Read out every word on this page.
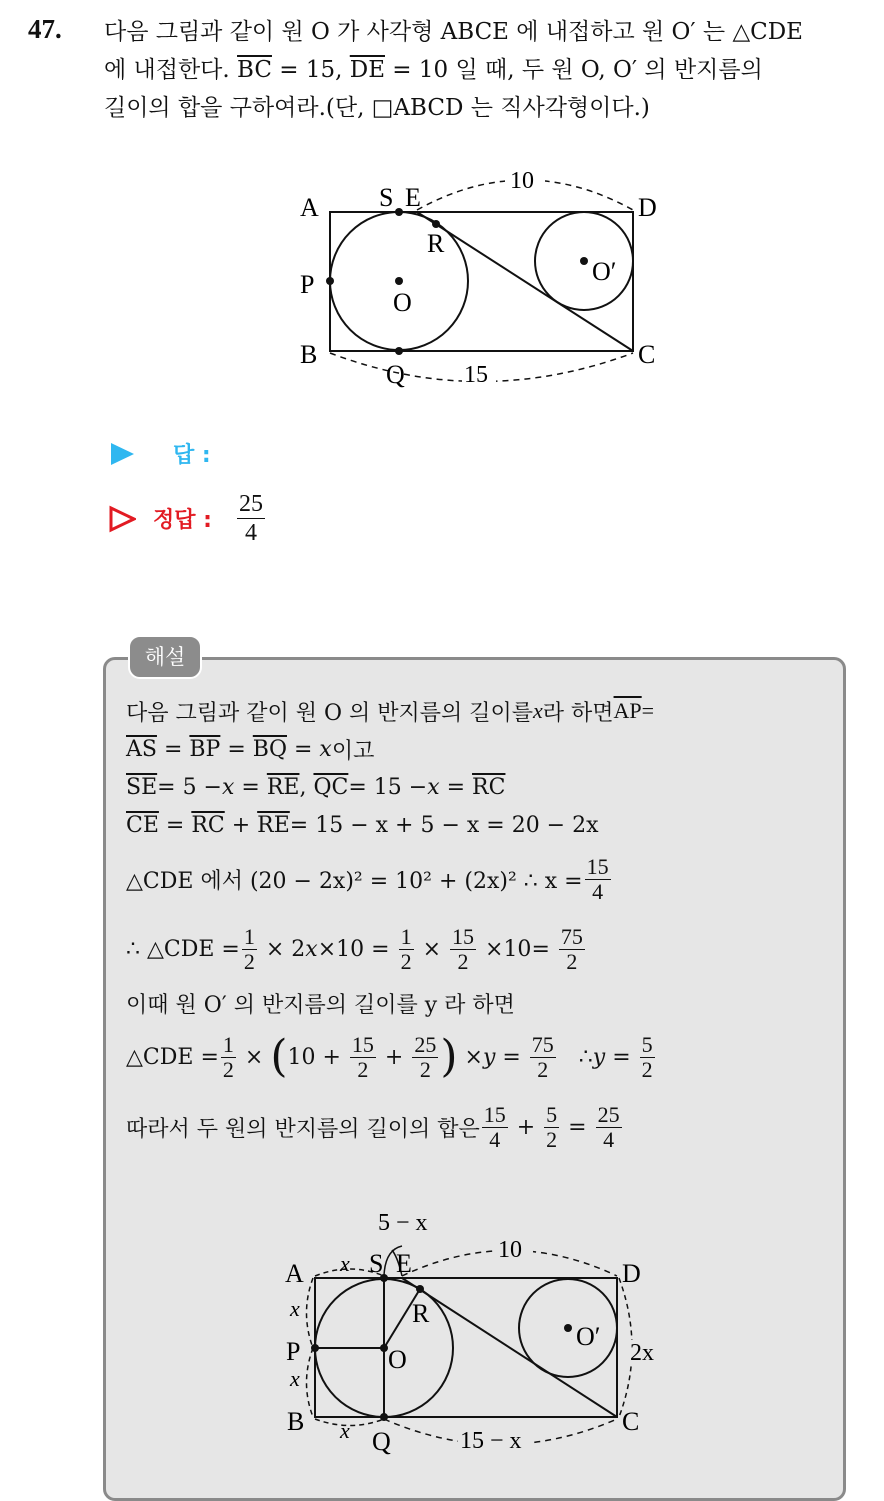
47. 다음 그림과 같이 원 O 가 사각형 ABCE 에 내접하고 원 O′ 는 △CDE
에 내접한다. $\overline{BC} = 15$, $\overline{DE} = 10$ 일 때, 두 원 O, O′ 의 반지름의
길이의 합을 구하여라.(단, □ABCD 는 직사각형이다.)
A
B	C
D
S E
R
P
Q
O
O′
10
15
답 :
정답 : $\frac{25}{4}$
해설
다음 그림과 같이 원 O 의 반지름의 길이를 x 라 하면 $\overline{AP}$ =
$\overline{AS} = \overline{BP} = \overline{BQ} = x$ 이고
$\overline{SE} = 5 - x = \overline{RE}$ , $\overline{QC} = 15 - x = \overline{RC}$
$\overline{CE} = \overline{RC} + \overline{RE} = 15 - x + 5 - x = 20 - 2x$
△CDE 에서 (20 − 2x)² = 10² + (2x)² ∴ $x = \frac{15}{4}$
∴ △CDE = $\frac{1}{2} \times 2$ $x \times 10 = \frac{1}{2} \times \frac{15}{2} \times 10 = \frac{75}{2}$
이때 원 O′ 의 반지름의 길이를 y 라 하면
△CDE = $\frac{1}{2}$ × ( $10 + \frac{15}{2} + \frac{25}{2}$ ) × $y = \frac{75}{2}$ ∴ $y = \frac{5}{2}$
따라서 두 원의 반지름의 길이의 합은 $\frac{15}{4} + \frac{5}{2} = \frac{25}{4}$
A
B	C
D
S E
R
P
Q
O
O′
5 − x
x
x
x
x
10
15 − x
2x
